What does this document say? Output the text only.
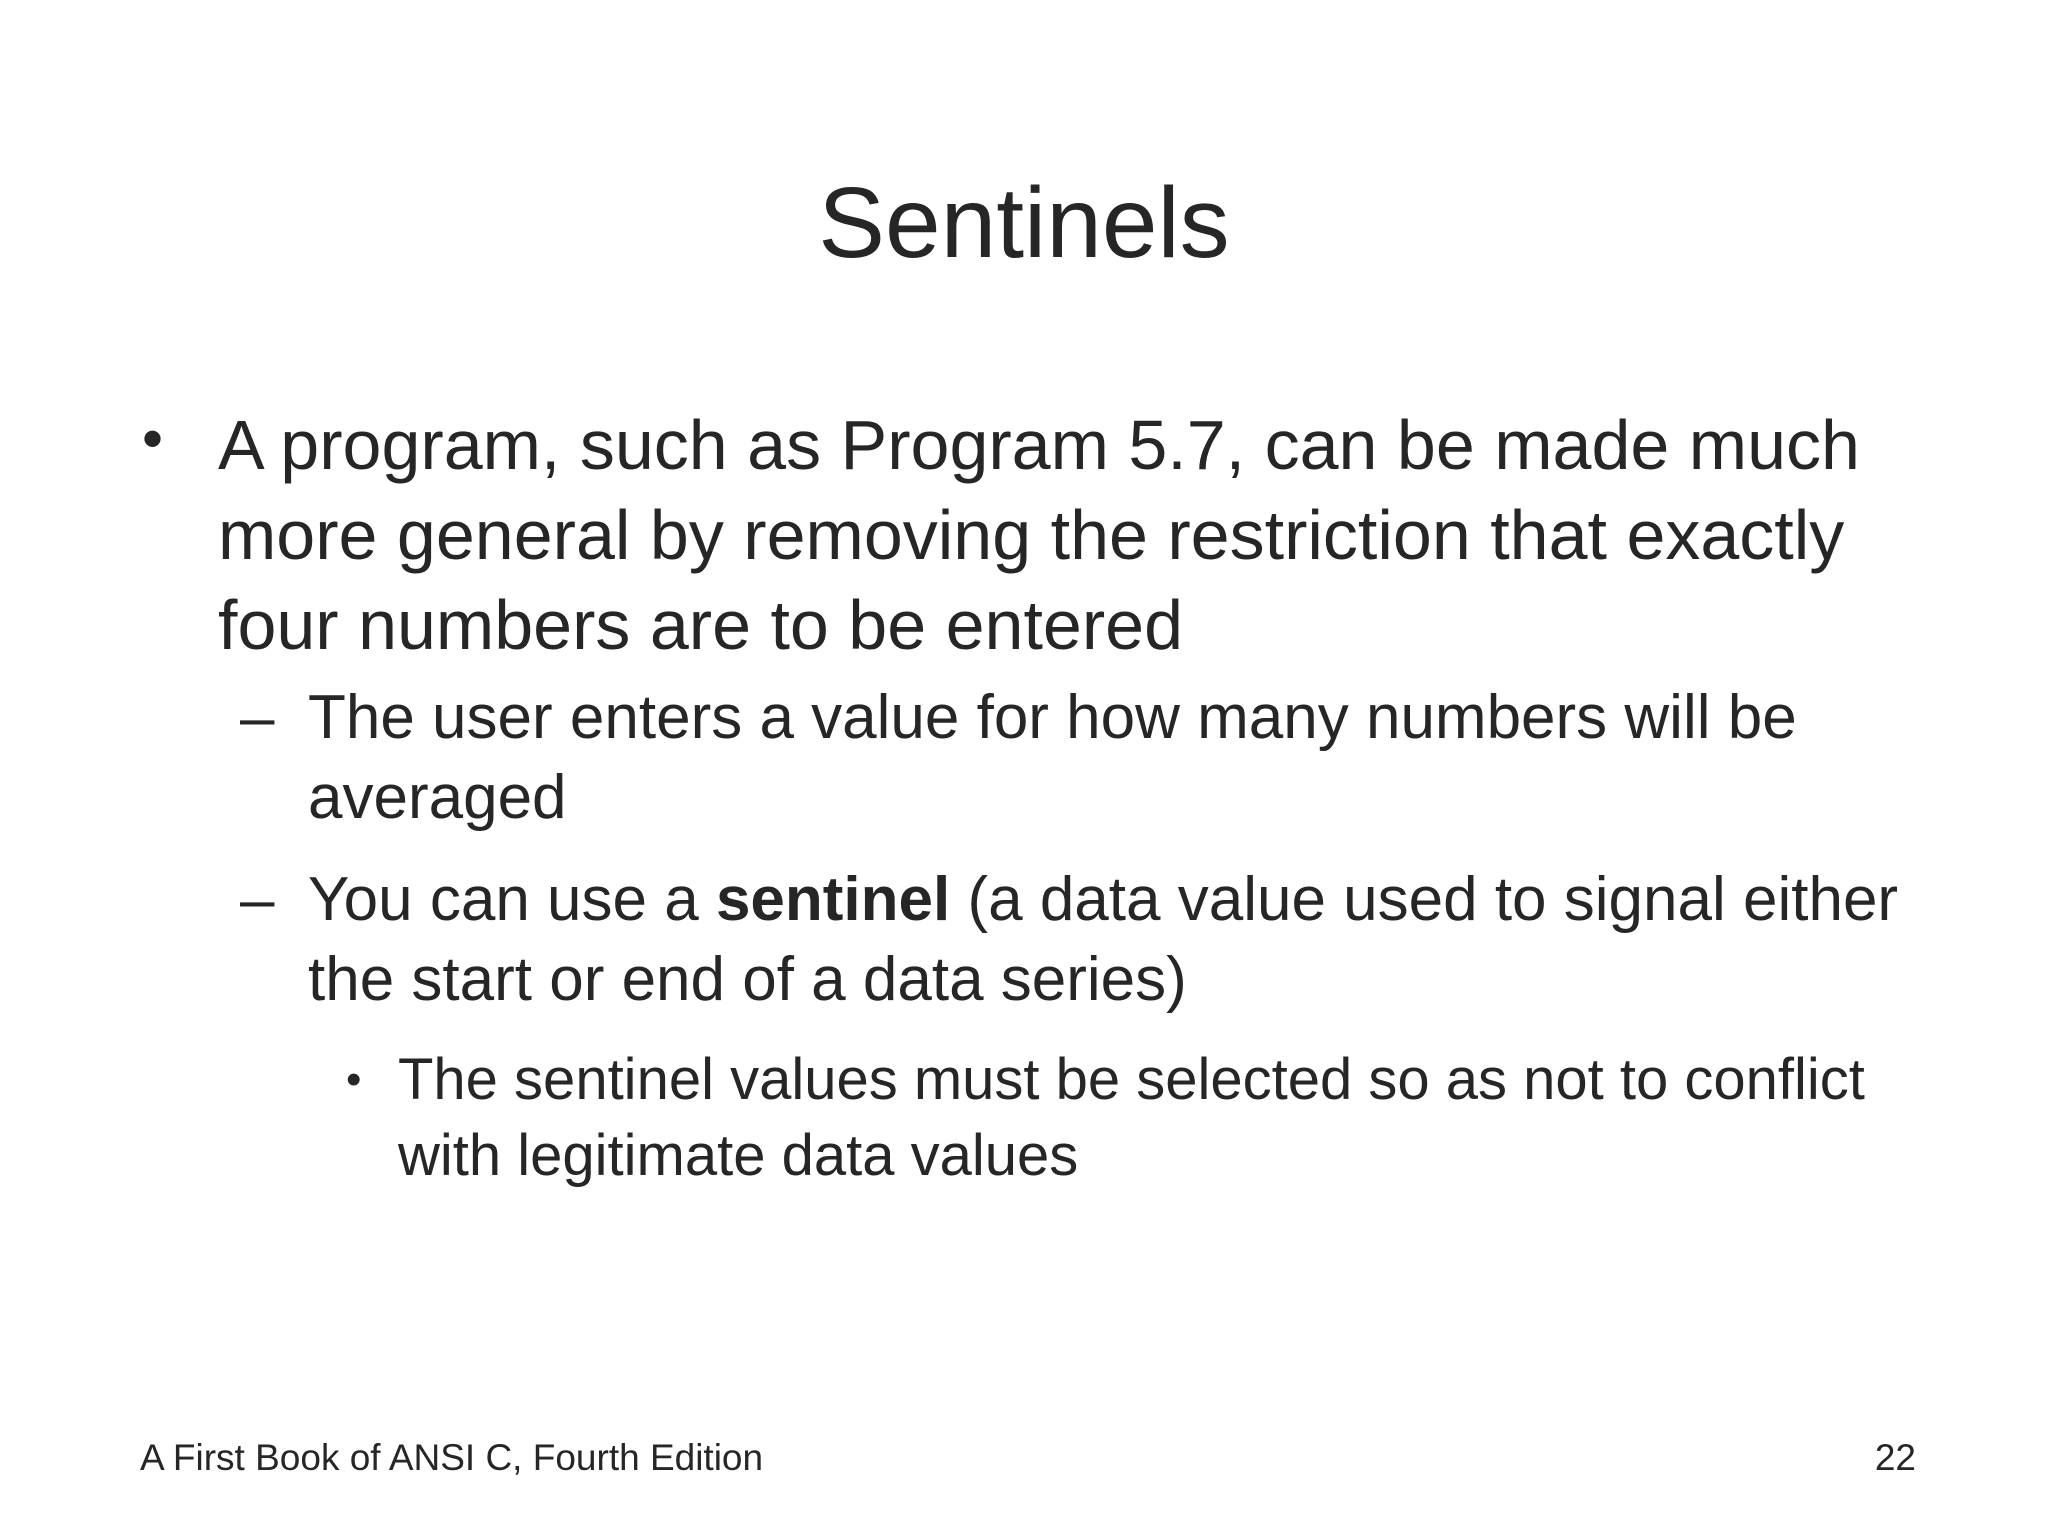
Sentinels
• A program, such as Program 5.7, can be made much more general by removing the restriction that exactly four numbers are to be entered
– The user enters a value for how many numbers will be averaged
– You can use a sentinel (a data value used to signal either the start or end of a data series)
• The sentinel values must be selected so as not to conflict with legitimate data values
A First Book of ANSI C, Fourth Edition	22
